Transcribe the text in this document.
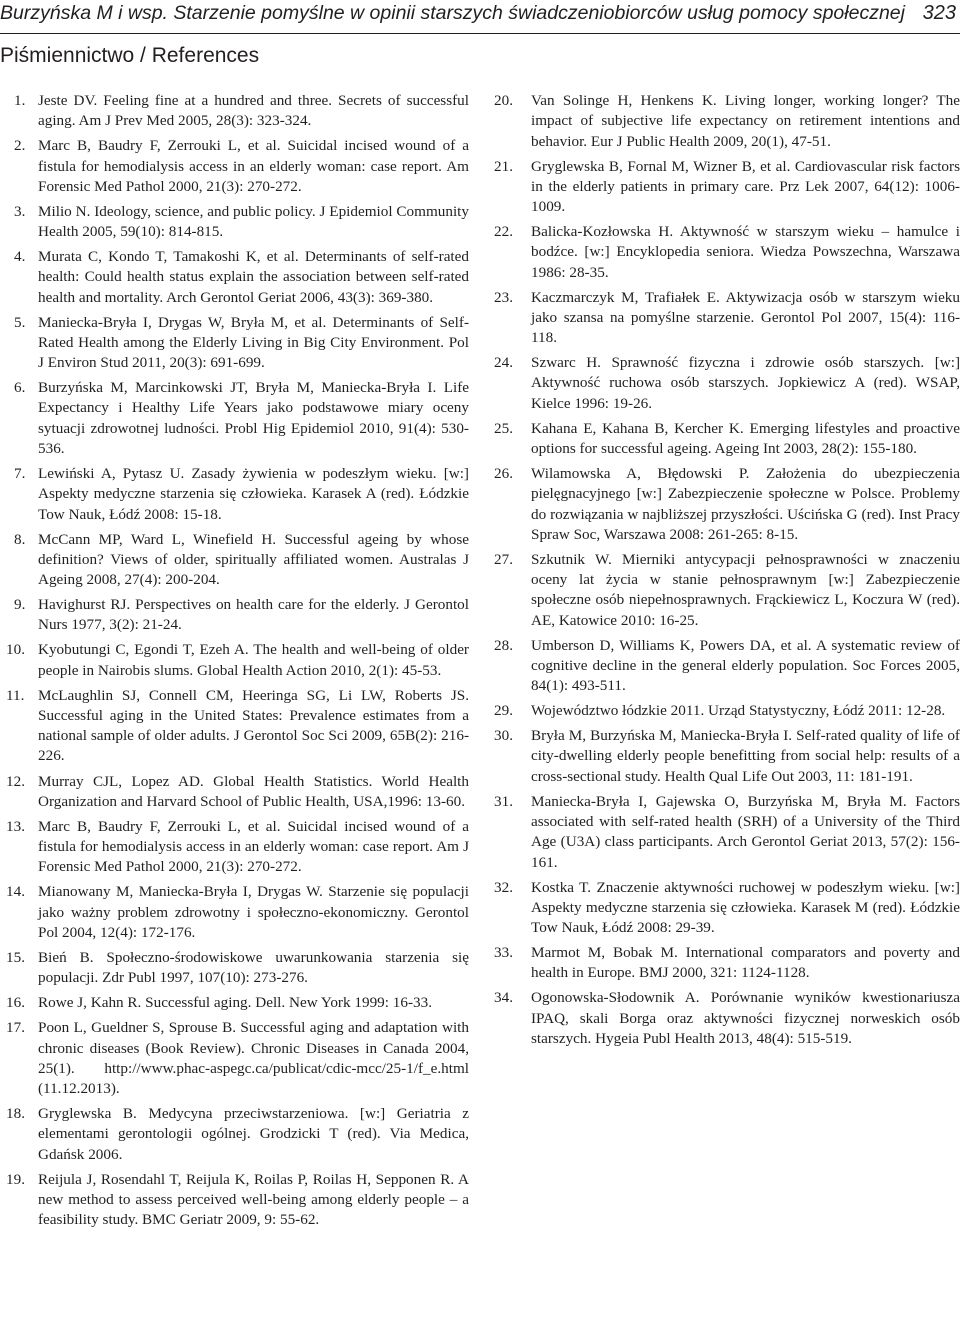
Burzyńska M i wsp. Starzenie pomyślne w opinii starszych świadczeniobiorców usług pomocy społecznej 323
Piśmiennictwo / References
1. Jeste DV. Feeling fine at a hundred and three. Secrets of successful aging. Am J Prev Med 2005, 28(3): 323-324.
2. Marc B, Baudry F, Zerrouki L, et al. Suicidal incised wound of a fistula for hemodialysis access in an elderly woman: case report. Am Forensic Med Pathol 2000, 21(3): 270-272.
3. Milio N. Ideology, science, and public policy. J Epidemiol Community Health 2005, 59(10): 814-815.
4. Murata C, Kondo T, Tamakoshi K, et al. Determinants of self-rated health: Could health status explain the association between self-rated health and mortality. Arch Gerontol Geriat 2006, 43(3): 369-380.
5. Maniecka-Bryła I, Drygas W, Bryła M, et al. Determinants of Self-Rated Health among the Elderly Living in Big City Environment. Pol J Environ Stud 2011, 20(3): 691-699.
6. Burzyńska M, Marcinkowski JT, Bryła M, Maniecka-Bryła I. Life Expectancy i Healthy Life Years jako podstawowe miary oceny sytuacji zdrowotnej ludności. Probl Hig Epidemiol 2010, 91(4): 530-536.
7. Lewiński A, Pytasz U. Zasady żywienia w podeszłym wieku. [w:] Aspekty medyczne starzenia się człowieka. Karasek A (red). Łódzkie Tow Nauk, Łódź 2008: 15-18.
8. McCann MP, Ward L, Winefield H. Successful ageing by whose definition? Views of older, spiritually affiliated women. Australas J Ageing 2008, 27(4): 200-204.
9. Havighurst RJ. Perspectives on health care for the elderly. J Gerontol Nurs 1977, 3(2): 21-24.
10. Kyobutungi C, Egondi T, Ezeh A. The health and well-being of older people in Nairobis slums. Global Health Action 2010, 2(1): 45-53.
11. McLaughlin SJ, Connell CM, Heeringa SG, Li LW, Roberts JS. Successful aging in the United States: Prevalence estimates from a national sample of older adults. J Gerontol Soc Sci 2009, 65B(2): 216-226.
12. Murray CJL, Lopez AD. Global Health Statistics. World Health Organization and Harvard School of Public Health, USA,1996: 13-60.
13. Marc B, Baudry F, Zerrouki L, et al. Suicidal incised wound of a fistula for hemodialysis access in an elderly woman: case report. Am J Forensic Med Pathol 2000, 21(3): 270-272.
14. Mianowany M, Maniecka-Bryła I, Drygas W. Starzenie się populacji jako ważny problem zdrowotny i społeczno-ekonomiczny. Gerontol Pol 2004, 12(4): 172-176.
15. Bień B. Społeczno-środowiskowe uwarunkowania starzenia się populacji. Zdr Publ 1997, 107(10): 273-276.
16. Rowe J, Kahn R. Successful aging. Dell. New York 1999: 16-33.
17. Poon L, Gueldner S, Sprouse B. Successful aging and adaptation with chronic diseases (Book Review). Chronic Diseases in Canada 2004, 25(1). http://www.phac-aspegc.ca/publicat/cdic-mcc/25-1/f_e.html (11.12.2013).
18. Gryglewska B. Medycyna przeciwstarzeniowa. [w:] Geriatria z elementami gerontologii ogólnej. Grodzicki T (red). Via Medica, Gdańsk 2006.
19. Reijula J, Rosendahl T, Reijula K, Roilas P, Roilas H, Sepponen R. A new method to assess perceived well-being among elderly people – a feasibility study. BMC Geriatr 2009, 9: 55-62.
20. Van Solinge H, Henkens K. Living longer, working longer? The impact of subjective life expectancy on retirement intentions and behavior. Eur J Public Health 2009, 20(1), 47-51.
21. Gryglewska B, Fornal M, Wizner B, et al. Cardiovascular risk factors in the elderly patients in primary care. Prz Lek 2007, 64(12): 1006-1009.
22. Balicka-Kozłowska H. Aktywność w starszym wieku – hamulce i bodźce. [w:] Encyklopedia seniora. Wiedza Powszechna, Warszawa 1986: 28-35.
23. Kaczmarczyk M, Trafiałek E. Aktywizacja osób w starszym wieku jako szansa na pomyślne starzenie. Gerontol Pol 2007, 15(4): 116-118.
24. Szwarc H. Sprawność fizyczna i zdrowie osób starszych. [w:] Aktywność ruchowa osób starszych. Jopkiewicz A (red). WSAP, Kielce 1996: 19-26.
25. Kahana E, Kahana B, Kercher K. Emerging lifestyles and proactive options for successful ageing. Ageing Int 2003, 28(2): 155-180.
26. Wilamowska A, Błędowski P. Założenia do ubezpieczenia pielęgnacyjnego [w:] Zabezpieczenie społeczne w Polsce. Problemy do rozwiązania w najbliższej przyszłości. Uścińska G (red). Inst Pracy Spraw Soc, Warszawa 2008: 261-265: 8-15.
27. Szkutnik W. Mierniki antycypacji pełnosprawności w znaczeniu oceny lat życia w stanie pełnosprawnym [w:] Zabezpieczenie społeczne osób niepełnosprawnych. Frąckiewicz L, Koczura W (red). AE, Katowice 2010: 16-25.
28. Umberson D, Williams K, Powers DA, et al. A systematic review of cognitive decline in the general elderly population. Soc Forces 2005, 84(1): 493-511.
29. Województwo łódzkie 2011. Urząd Statystyczny, Łódź 2011: 12-28.
30. Bryła M, Burzyńska M, Maniecka-Bryła I. Self-rated quality of life of city-dwelling elderly people benefitting from social help: results of a cross-sectional study. Health Qual Life Out 2003, 11: 181-191.
31. Maniecka-Bryła I, Gajewska O, Burzyńska M, Bryła M. Factors associated with self-rated health (SRH) of a University of the Third Age (U3A) class participants. Arch Gerontol Geriat 2013, 57(2): 156-161.
32. Kostka T. Znaczenie aktywności ruchowej w podeszłym wieku. [w:] Aspekty medyczne starzenia się człowieka. Karasek M (red). Łódzkie Tow Nauk, Łódź 2008: 29-39.
33. Marmot M, Bobak M. International comparators and poverty and health in Europe. BMJ 2000, 321: 1124-1128.
34. Ogonowska-Słodownik A. Porównanie wyników kwestionariusza IPAQ, skali Borga oraz aktywności fizycznej norweskich osób starszych. Hygeia Publ Health 2013, 48(4): 515-519.
